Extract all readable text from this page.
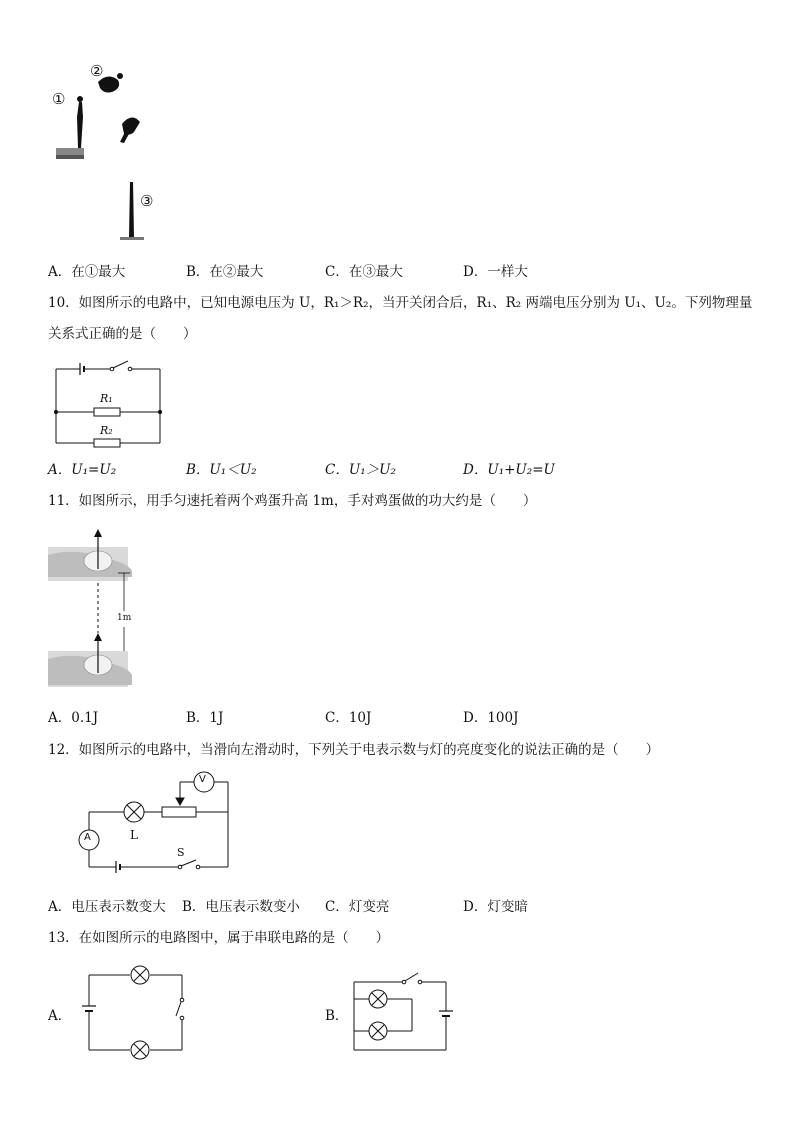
①
②
③
A．在①最大	B．在②最大	C．在③最大	D．一样大
10．如图所示的电路中，已知电源电压为 U，R₁＞R₂，当开关闭合后，R₁、R₂ 两端电压分别为 U₁、U₂。下列物理量
关系式正确的是（　　）
R₁
R₂
A．U₁=U₂	B．U₁＜U₂	C．U₁＞U₂	D．U₁+U₂=U
11．如图所示，用手匀速托着两个鸡蛋升高 1m，手对鸡蛋做的功大约是（　　）
1m
A．0.1J	B．1J	C．10J	D．100J
12．如图所示的电路中，当滑向左滑动时，下列关于电表示数与灯的亮度变化的说法正确的是（　　）
V
A	L
S
A．电压表示数变大 B．电压表示数变小 C．灯变亮	D．灯变暗
13．在如图所示的电路图中，属于串联电路的是（　　）
A．	B．
